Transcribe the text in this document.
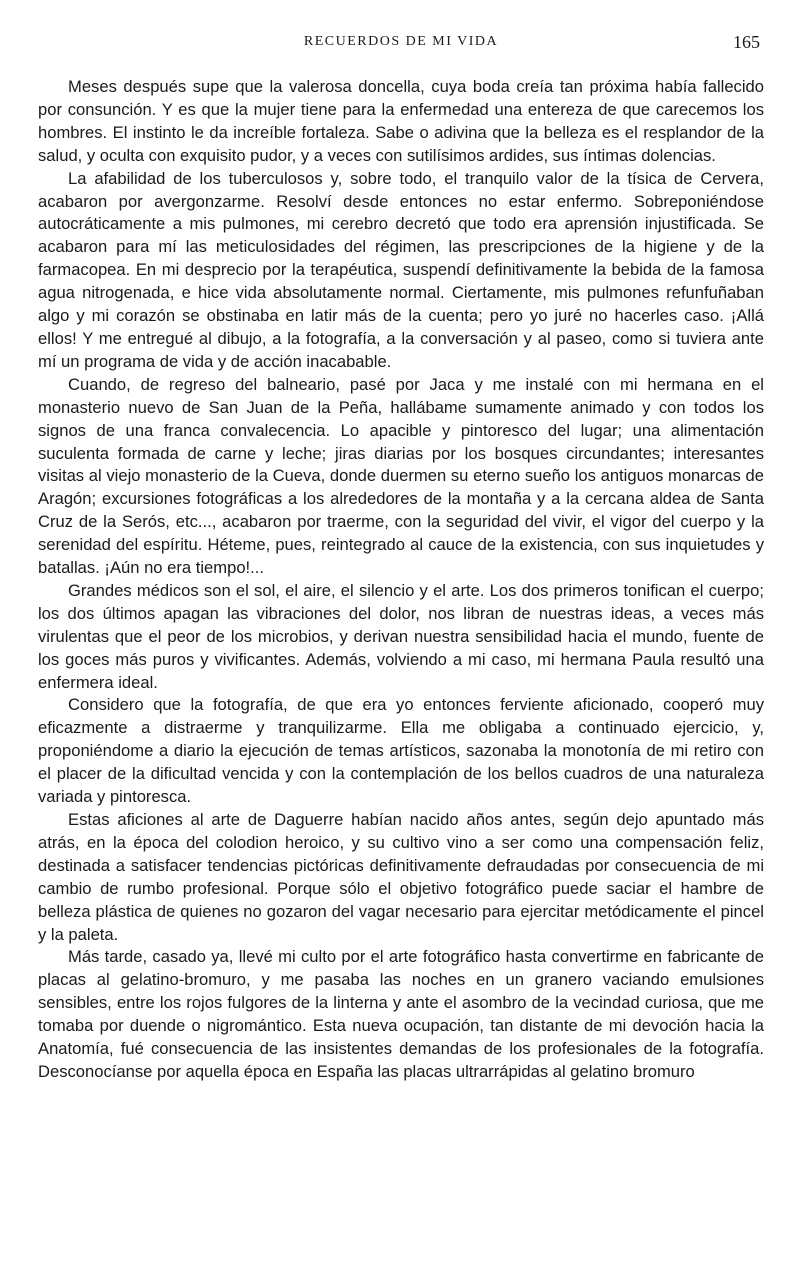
RECUERDOS DE MI VIDA	165

Meses después supe que la valerosa doncella, cuya boda creía tan próxima había fallecido por consunción. Y es que la mujer tiene para la enfermedad una entereza de que carecemos los hombres. El instinto le da increíble fortaleza. Sabe o adivina que la belleza es el resplandor de la salud, y oculta con exquisito pudor, y a veces con sutilísimos ardides, sus íntimas dolencias.

La afabilidad de los tuberculosos y, sobre todo, el tranquilo valor de la tísica de Cervera, acabaron por avergonzarme. Resolví desde entonces no estar enfermo. Sobreponiéndose autocráticamente a mis pulmones, mi cerebro decretó que todo era aprensión injustificada. Se acabaron para mí las meticulosidades del régimen, las prescripciones de la higiene y de la farmacopea. En mi desprecio por la terapéutica, suspendí definitivamente la bebida de la famosa agua nitrogenada, e hice vida absolutamente normal. Ciertamente, mis pulmones refunfuñaban algo y mi corazón se obstinaba en latir más de la cuenta; pero yo juré no hacerles caso. ¡Allá ellos! Y me entregué al dibujo, a la fotografía, a la conversación y al paseo, como si tuviera ante mí un programa de vida y de acción inacabable.

Cuando, de regreso del balneario, pasé por Jaca y me instalé con mi hermana en el monasterio nuevo de San Juan de la Peña, hallábame sumamente animado y con todos los signos de una franca convalecencia. Lo apacible y pintoresco del lugar; una alimentación suculenta formada de carne y leche; jiras diarias por los bosques circundantes; interesantes visitas al viejo monasterio de la Cueva, donde duermen su eterno sueño los antiguos monarcas de Aragón; excursiones fotográficas a los alrededores de la montaña y a la cercana aldea de Santa Cruz de la Serós, etc..., acabaron por traerme, con la seguridad del vivir, el vigor del cuerpo y la serenidad del espíritu. Héteme, pues, reintegrado al cauce de la existencia, con sus inquietudes y batallas. ¡Aún no era tiempo!...

Grandes médicos son el sol, el aire, el silencio y el arte. Los dos primeros tonifican el cuerpo; los dos últimos apagan las vibraciones del dolor, nos libran de nuestras ideas, a veces más virulentas que el peor de los microbios, y derivan nuestra sensibilidad hacia el mundo, fuente de los goces más puros y vivificantes. Además, volviendo a mi caso, mi hermana Paula resultó una enfermera ideal.

Considero que la fotografía, de que era yo entonces ferviente aficionado, cooperó muy eficazmente a distraerme y tranquilizarme. Ella me obligaba a continuado ejercicio, y, proponiéndome a diario la ejecución de temas artísticos, sazonaba la monotonía de mi retiro con el placer de la dificultad vencida y con la contemplación de los bellos cuadros de una naturaleza variada y pintoresca.

Estas aficiones al arte de Daguerre habían nacido años antes, según dejo apuntado más atrás, en la época del colodion heroico, y su cultivo vino a ser como una compensación feliz, destinada a satisfacer tendencias pictóricas definitivamente defraudadas por consecuencia de mi cambio de rumbo profesional. Porque sólo el objetivo fotográfico puede saciar el hambre de belleza plástica de quienes no gozaron del vagar necesario para ejercitar metódicamente el pincel y la paleta.

Más tarde, casado ya, llevé mi culto por el arte fotográfico hasta convertirme en fabricante de placas al gelatino-bromuro, y me pasaba las noches en un granero vaciando emulsiones sensibles, entre los rojos fulgores de la linterna y ante el asombro de la vecindad curiosa, que me tomaba por duende o nigromántico. Esta nueva ocupación, tan distante de mi devoción hacia la Anatomía, fué consecuencia de las insistentes demandas de los profesionales de la fotografía. Desconocíanse por aquella época en España las placas ultrarrápidas al gelatino bromuro
